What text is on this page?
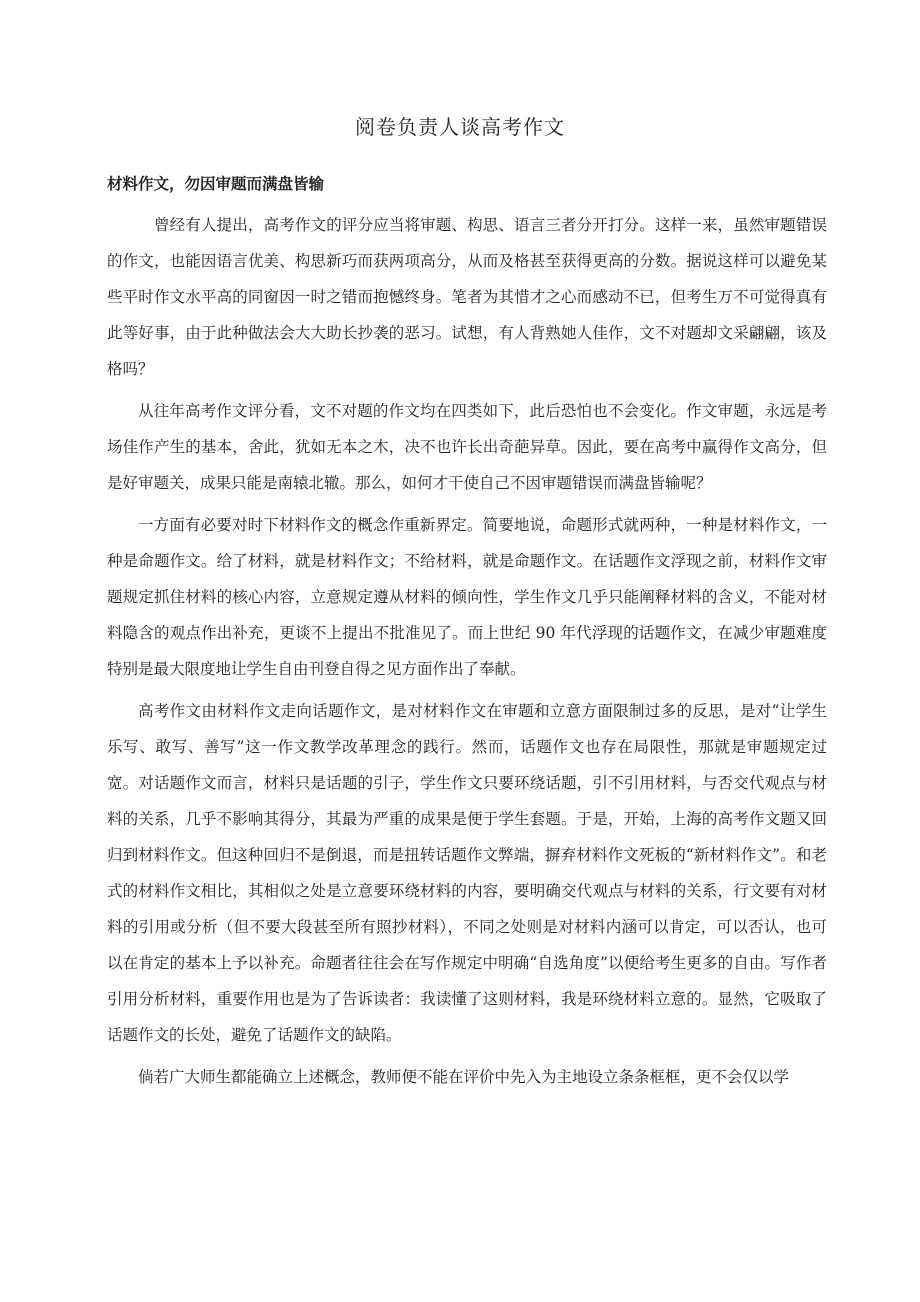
阅卷负责人谈高考作文
材料作文，勿因审题而满盘皆输

曾经有人提出，高考作文的评分应当将审题、构思、语言三者分开打分。这样一来，虽然审题错误的作文，也能因语言优美、构思新巧而获两项高分，从而及格甚至获得更高的分数。据说这样可以避免某些平时作文水平高的同窗因一时之错而抱憾终身。笔者为其惜才之心而感动不已，但考生万不可觉得真有此等好事，由于此种做法会大大助长抄袭的恶习。试想，有人背熟她人佳作，文不对题却文采翩翩，该及格吗？

从往年高考作文评分看，文不对题的作文均在四类如下，此后恐怕也不会变化。作文审题，永远是考场佳作产生的基本，舍此，犹如无本之木，决不也许长出奇葩异草。因此，要在高考中赢得作文高分，但是好审题关，成果只能是南辕北辙。那么，如何才干使自己不因审题错误而满盘皆输呢？

一方面有必要对时下材料作文的概念作重新界定。简要地说，命题形式就两种，一种是材料作文，一种是命题作文。给了材料，就是材料作文；不给材料，就是命题作文。在话题作文浮现之前，材料作文审题规定抓住材料的核心内容，立意规定遵从材料的倾向性，学生作文几乎只能阐释材料的含义，不能对材料隐含的观点作出补充，更谈不上提出不批准见了。而上世纪 90 年代浮现的话题作文，在减少审题难度特别是最大限度地让学生自由刊登自得之见方面作出了奉献。

高考作文由材料作文走向话题作文，是对材料作文在审题和立意方面限制过多的反思，是对“让学生乐写、敢写、善写”这一作文教学改革理念的践行。然而，话题作文也存在局限性，那就是审题规定过宽。对话题作文而言，材料只是话题的引子，学生作文只要环绕话题，引不引用材料，与否交代观点与材料的关系，几乎不影响其得分，其最为严重的成果是便于学生套题。于是，开始，上海的高考作文题又回归到材料作文。但这种回归不是倒退，而是扭转话题作文弊端，摒弃材料作文死板的“新材料作文”。和老式的材料作文相比，其相似之处是立意要环绕材料的内容，要明确交代观点与材料的关系，行文要有对材料的引用或分析（但不要大段甚至所有照抄材料），不同之处则是对材料内涵可以肯定，可以否认，也可以在肯定的基本上予以补充。命题者往往会在写作规定中明确“自选角度”以便给考生更多的自由。写作者引用分析材料，重要作用也是为了告诉读者：我读懂了这则材料，我是环绕材料立意的。显然，它吸取了话题作文的长处，避免了话题作文的缺陷。

倘若广大师生都能确立上述概念，教师便不能在评价中先入为主地设立条条框框，更不会仅以学
